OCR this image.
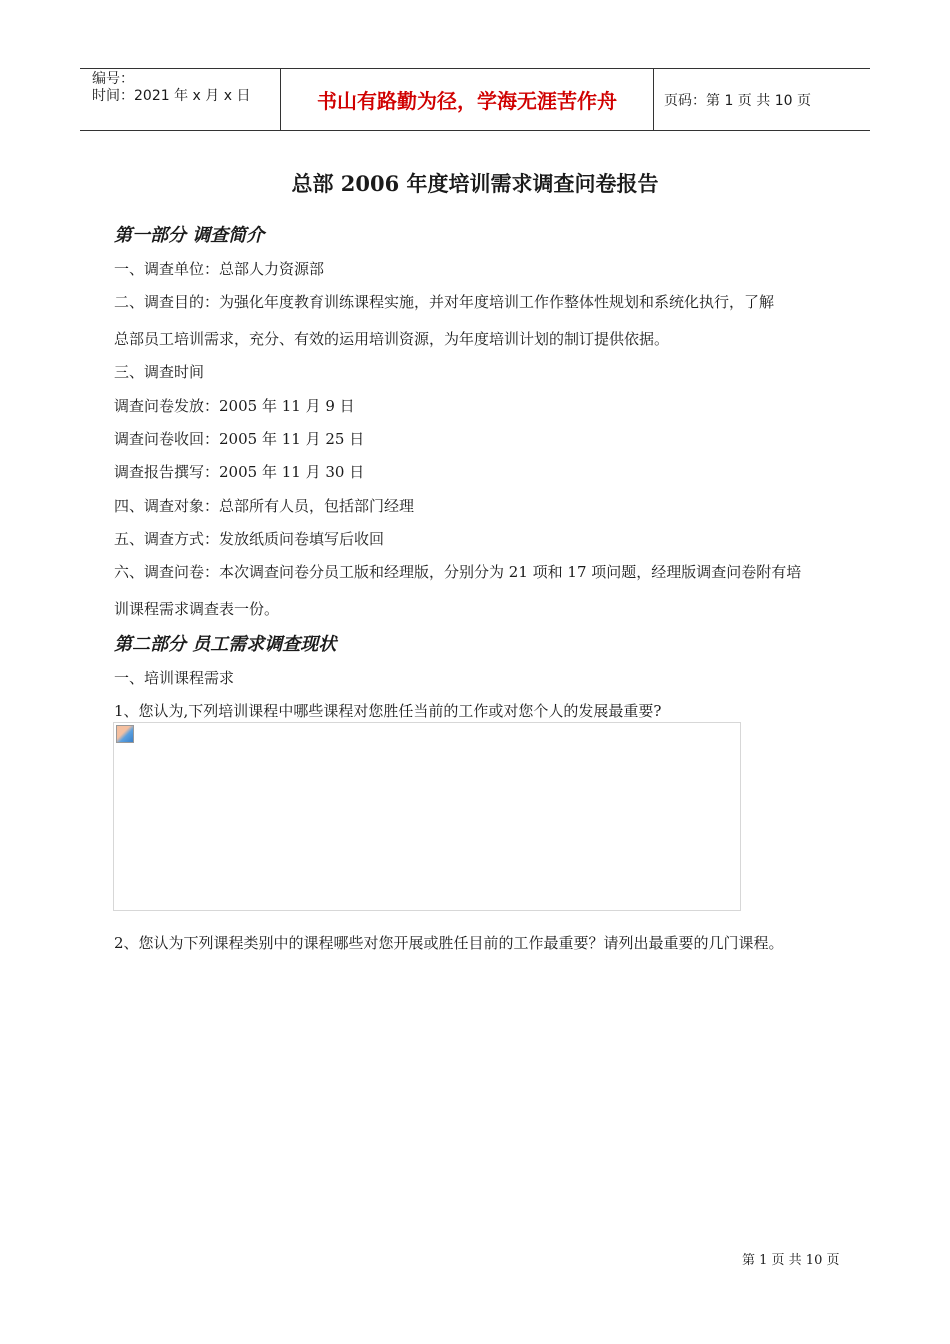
编号：
时间：2021 年 x 月 x 日	书山有路勤为径，学海无涯苦作舟	页码：第 1 页 共 10 页
总部 2006 年度培训需求调查问卷报告
第一部分 调查简介
一、调查单位：总部人力资源部
二、调查目的：为强化年度教育训练课程实施，并对年度培训工作作整体性规划和系统化执行，了解
总部员工培训需求，充分、有效的运用培训资源，为年度培训计划的制订提供依据。
三、调查时间
调查问卷发放：2005 年 11 月 9 日
调查问卷收回：2005 年 11 月 25 日
调查报告撰写：2005 年 11 月 30 日
四、调查对象：总部所有人员，包括部门经理
五、调查方式：发放纸质问卷填写后收回
六、调查问卷：本次调查问卷分员工版和经理版，分别分为 21 项和 17 项问题，经理版调查问卷附有培
训课程需求调查表一份。
第二部分 员工需求调查现状
一、培训课程需求
1、您认为,下列培训课程中哪些课程对您胜任当前的工作或对您个人的发展最重要?
2、您认为下列课程类别中的课程哪些对您开展或胜任目前的工作最重要？请列出最重要的几门课程。
第 1 页 共 10 页
